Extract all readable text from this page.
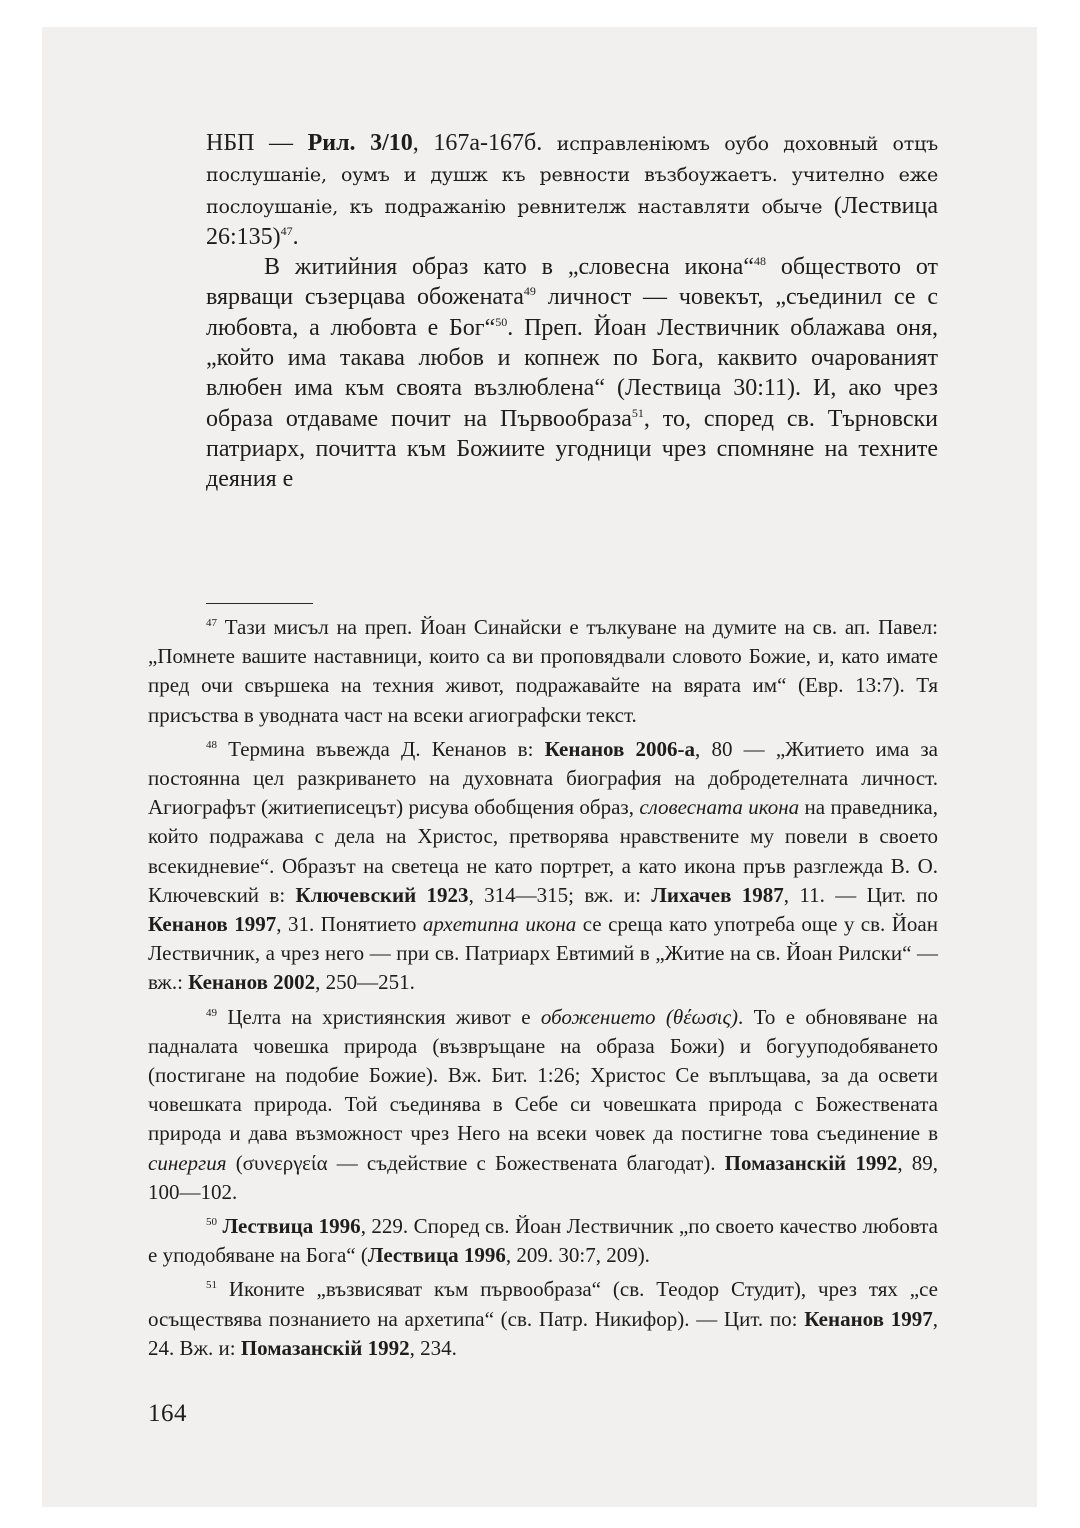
НБП — Рил. 3/10, 167а-167б. исправленіюмъ оубо доховный отцъ послушаніе, оумъ и душж къ ревности възбоужаетъ. учително еже послоушаніе, къ подражанію ревнителж наставляти обыче (Лествица 26:135)$^{47}$.

В житийния образ като в „словесна икона“$^{48}$ обществото от вярващи съзерцава обожената$^{49}$ личност — човекът, „съединил се с любовта, а любовта е Бог“$^{50}$. Преп. Йоан Лествичник облажава оня, „който има такава любов и копнеж по Бога, каквито очарованият влюбен има към своята възлюблена“ (Лествица 30:11). И, ако чрез образа отдаваме почит на Първообраза$^{51}$, то, според св. Търновски патриарх, почитта към Божиите угодници чрез спомняне на техните деяния е

$^{47}$ Тази мисъл на преп. Йоан Синайски е тълкуване на думите на св. ап. Павел: „Помнете вашите наставници, които са ви проповядвали словото Божие, и, като имате пред очи свършека на техния живот, подражавайте на вярата им“ (Евр. 13:7). Тя присъства в уводната част на всеки агиографски текст.

$^{48}$ Термина въвежда Д. Кенанов в: Кенанов 2006-а, 80 — „Житието има за постоянна цел разкриването на духовната биография на добродетелната личност. Агиографът (житиеписецът) рисува обобщения образ, словесната икона на праведника, който подражава с дела на Христос, претворява нравствените му повели в своето всекидневие“. Образът на светеца не като портрет, а като икона пръв разглежда В. О. Ключевский в: Ключевский 1923, 314—315; вж. и: Лихачев 1987, 11. — Цит. по Кенанов 1997, 31. Понятието архетипна икона се среща като употреба още у св. Йоан Лествичник, а чрез него — при св. Патриарх Евтимий в „Житие на св. Йоан Рилски“ — вж.: Кенанов 2002, 250—251.

$^{49}$ Целта на християнския живот е обожението (θέωσις). То е обновяване на падналата човешка природа (възвръщане на образа Божи) и богууподобяването (постигане на подобие Божие). Вж. Бит. 1:26; Христос Се въплъщава, за да освети човешката природа. Той съединява в Себе си човешката природа с Божествената природа и дава възможност чрез Него на всеки човек да постигне това съединение в синергия (συνεργεία — съдействие с Божествената благодат). Помазанскій 1992, 89, 100—102.

$^{50}$ Лествица 1996, 229. Според св. Йоан Лествичник „по своето качество любовта е уподобяване на Бога“ (Лествица 1996, 209. 30:7, 209).

$^{51}$ Иконите „възвисяват към първообраза“ (св. Теодор Студит), чрез тях „се осъществява познанието на архетипа“ (св. Патр. Никифор). — Цит. по: Кенанов 1997, 24. Вж. и: Помазанскій 1992, 234.

164
